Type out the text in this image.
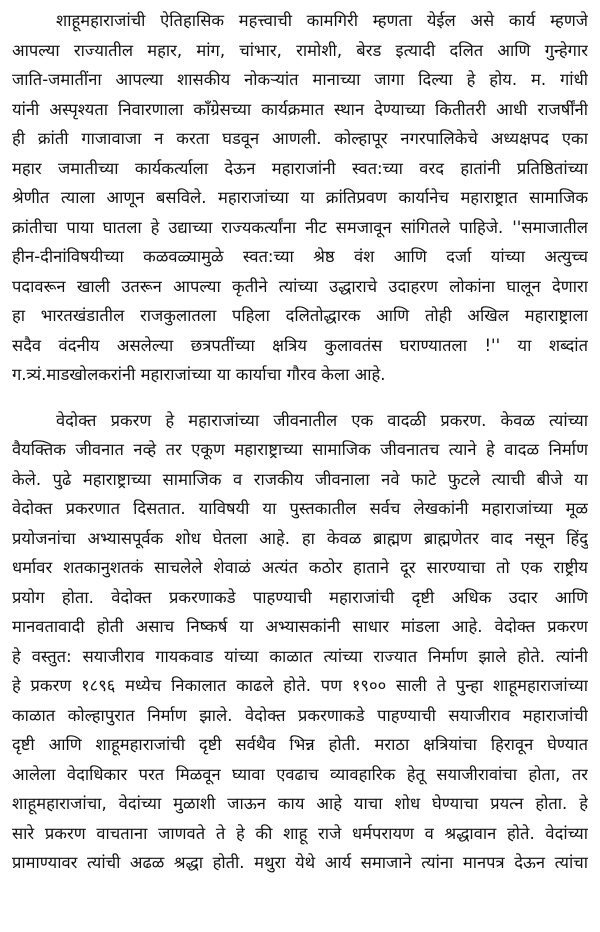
शाहूमहाराजांची ऐतिहासिक महत्त्वाची कामगिरी म्हणता येईल असे कार्य म्हणजे
आपल्या राज्यातील महार, मांग, चांभार, रामोशी, बेरड इत्यादी दलित आणि गुन्हेगार
जाति-जमातींना आपल्या शासकीय नोकऱ्यांत मानाच्या जागा दिल्या हे होय. म. गांधी
यांनी अस्पृश्यता निवारणाला कॉंग्रेसच्या कार्यक्रमात स्थान देण्याच्या कितीतरी आधी राजर्षींनी
ही क्रांती गाजावाजा न करता घडवून आणली. कोल्हापूर नगरपालिकेचे अध्यक्षपद एका
महार जमातीच्या कार्यकर्त्याला देऊन महाराजांनी स्वत:च्या वरद हातांनी प्रतिष्ठितांच्या
श्रेणीत त्याला आणून बसविले. महाराजांच्या या क्रांतिप्रवण कार्यानेच महाराष्ट्रात सामाजिक
क्रांतीचा पाया घातला हे उद्याच्या राज्यकर्त्यांना नीट समजावून सांगितले पाहिजे. ''समाजातील
हीन-दीनांविषयीच्या कळवळ्यामुळे स्वत:च्या श्रेष्ठ वंश आणि दर्जा यांच्या अत्युच्च
पदावरून खाली उतरून आपल्या कृतीने त्यांच्या उद्धाराचे उदाहरण लोकांना घालून देणारा
हा भारतखंडातील राजकुलातला पहिला दलितोद्धारक आणि तोही अखिल महाराष्ट्राला
सदैव वंदनीय असलेल्या छत्रपतींच्या क्षत्रिय कुलावतंस घराण्यातला !'' या शब्दांत
ग.त्र्यं.माडखोलकरांनी महाराजांच्या या कार्याचा गौरव केला आहे.
वेदोक्त प्रकरण हे महाराजांच्या जीवनातील एक वादळी प्रकरण. केवळ त्यांच्या
वैयक्तिक जीवनात नव्हे तर एकूण महाराष्ट्राच्या सामाजिक जीवनातच त्याने हे वादळ निर्माण
केले. पुढे महाराष्ट्राच्या सामाजिक व राजकीय जीवनाला नवे फाटे फुटले त्याची बीजे या
वेदोक्त प्रकरणात दिसतात. याविषयी या पुस्तकातील सर्वच लेखकांनी महाराजांच्या मूळ
प्रयोजनांचा अभ्यासपूर्वक शोध घेतला आहे. हा केवळ ब्राह्मण ब्राह्मणेतर वाद नसून हिंदु
धर्मावर शतकानुशतकं साचलेले शेवाळं अत्यंत कठोर हाताने दूर सारण्याचा तो एक राष्ट्रीय
प्रयोग होता. वेदोक्त प्रकरणाकडे पाहण्याची महाराजांची दृष्टी अधिक उदार आणि
मानवतावादी होती असाच निष्कर्ष या अभ्यासकांनी साधार मांडला आहे. वेदोक्त प्रकरण
हे वस्तुत: सयाजीराव गायकवाड यांच्या काळात त्यांच्या राज्यात निर्माण झाले होते. त्यांनी
हे प्रकरण १८९६ मध्येच निकालात काढले होते. पण १९०० साली ते पुन्हा शाहूमहाराजांच्या
काळात कोल्हापुरात निर्माण झाले. वेदोक्त प्रकरणाकडे पाहण्याची सयाजीराव महाराजांची
दृष्टी आणि शाहूमहाराजांची दृष्टी सर्वथैव भिन्न होती. मराठा क्षत्रियांचा हिरावून घेण्यात
आलेला वेदाधिकार परत मिळवून घ्यावा एवढाच व्यावहारिक हेतू सयाजीरावांचा होता, तर
शाहूमहाराजांचा, वेदांच्या मुळाशी जाऊन काय आहे याचा शोध घेण्याचा प्रयत्न होता. हे
सारे प्रकरण वाचताना जाणवते ते हे की शाहू राजे धर्मपरायण व श्रद्धावान होते. वेदांच्या
प्रामाण्यावर त्यांची अढळ श्रद्धा होती. मथुरा येथे आर्य समाजाने त्यांना मानपत्र देऊन त्यांचा
